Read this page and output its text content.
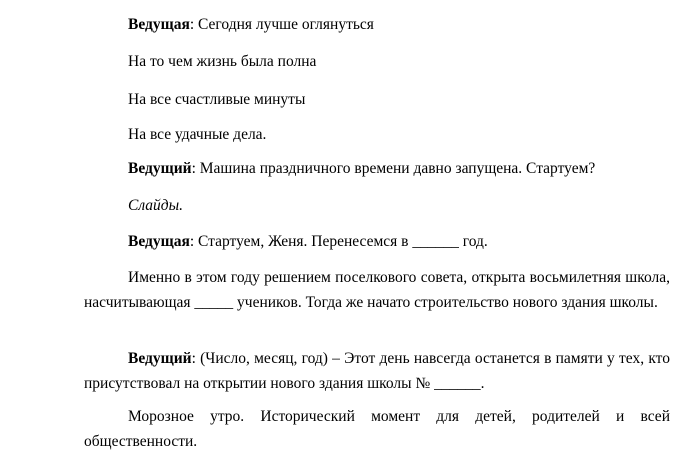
Ведущая: Сегодня лучше оглянуться

На то чем жизнь была полна

На все счастливые минуты

На все удачные дела.

Ведущий: Машина праздничного времени давно запущена. Стартуем?

Слайды.

Ведущая: Стартуем, Женя. Перенесемся в ______ год.

Именно в этом году решением поселкового совета, открыта восьмилетняя школа, насчитывающая _____ учеников. Тогда же начато строительство нового здания школы.

Ведущий: (Число, месяц, год) – Этот день навсегда останется в памяти у тех, кто присутствовал на открытии нового здания школы № ______.

Морозное утро. Исторический момент для детей, родителей и всей общественности.
